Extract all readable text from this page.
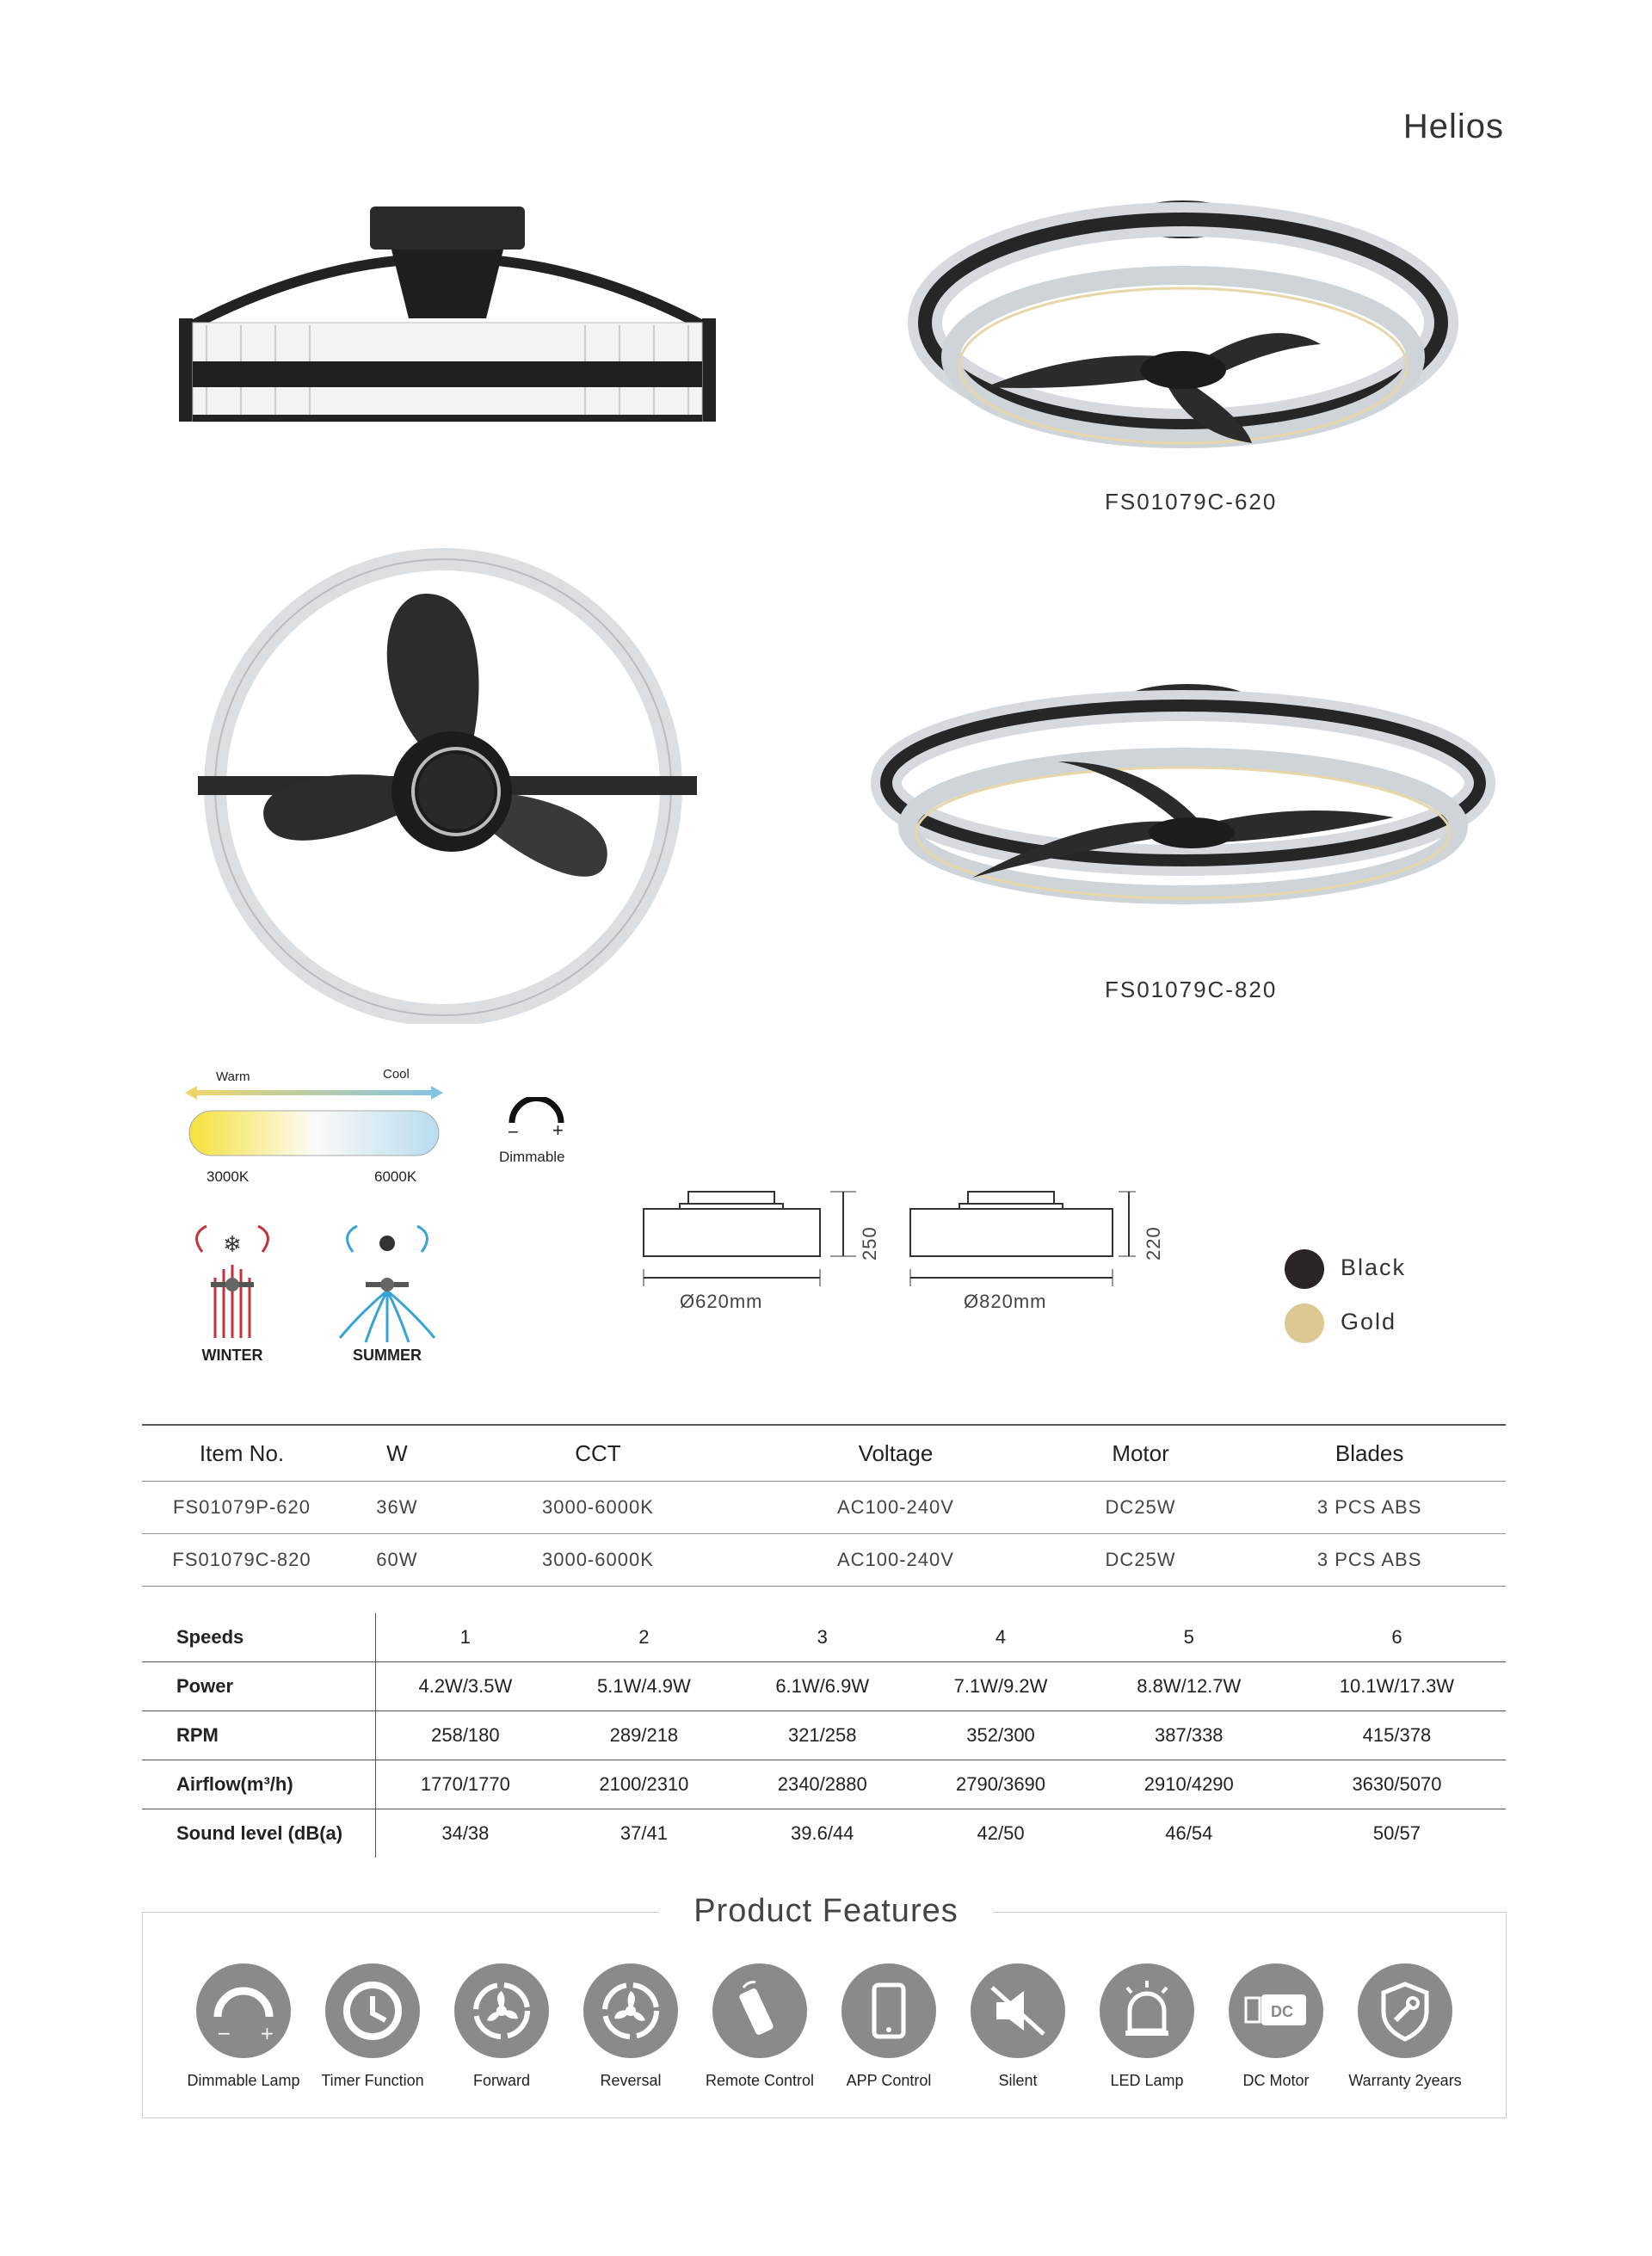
Helios
FS01079C-620
FS01079C-820
Warm	Cool
3000K	6000K
− +
Dimmable
❄
WINTER	SUMMER
250
Ø620mm
220
Ø820mm
Black
Gold
Item No.	W	CCT	Voltage	Motor	Blades
FS01079P-620	36W	3000-6000K	AC100-240V	DC25W	3 PCS ABS
FS01079C-820	60W	3000-6000K	AC100-240V	DC25W	3 PCS ABS
Speeds	1	2	3	4	5	6
Power	4.2W/3.5W	5.1W/4.9W	6.1W/6.9W	7.1W/9.2W	8.8W/12.7W	10.1W/17.3W
RPM	258/180	289/218	321/258	352/300	387/338	415/378
Airflow(m³/h)	1770/1770	2100/2310	2340/2880	2790/3690	2910/4290	3630/5070
Sound level (dB(a)	34/38	37/41	39.6/44	42/50	46/54	50/57
Product Features
− +
Dimmable Lamp	Timer Function	Forward	Reversal	Remote Control	APP Control	Silent	LED Lamp
DC
DC Motor	Warranty 2years
